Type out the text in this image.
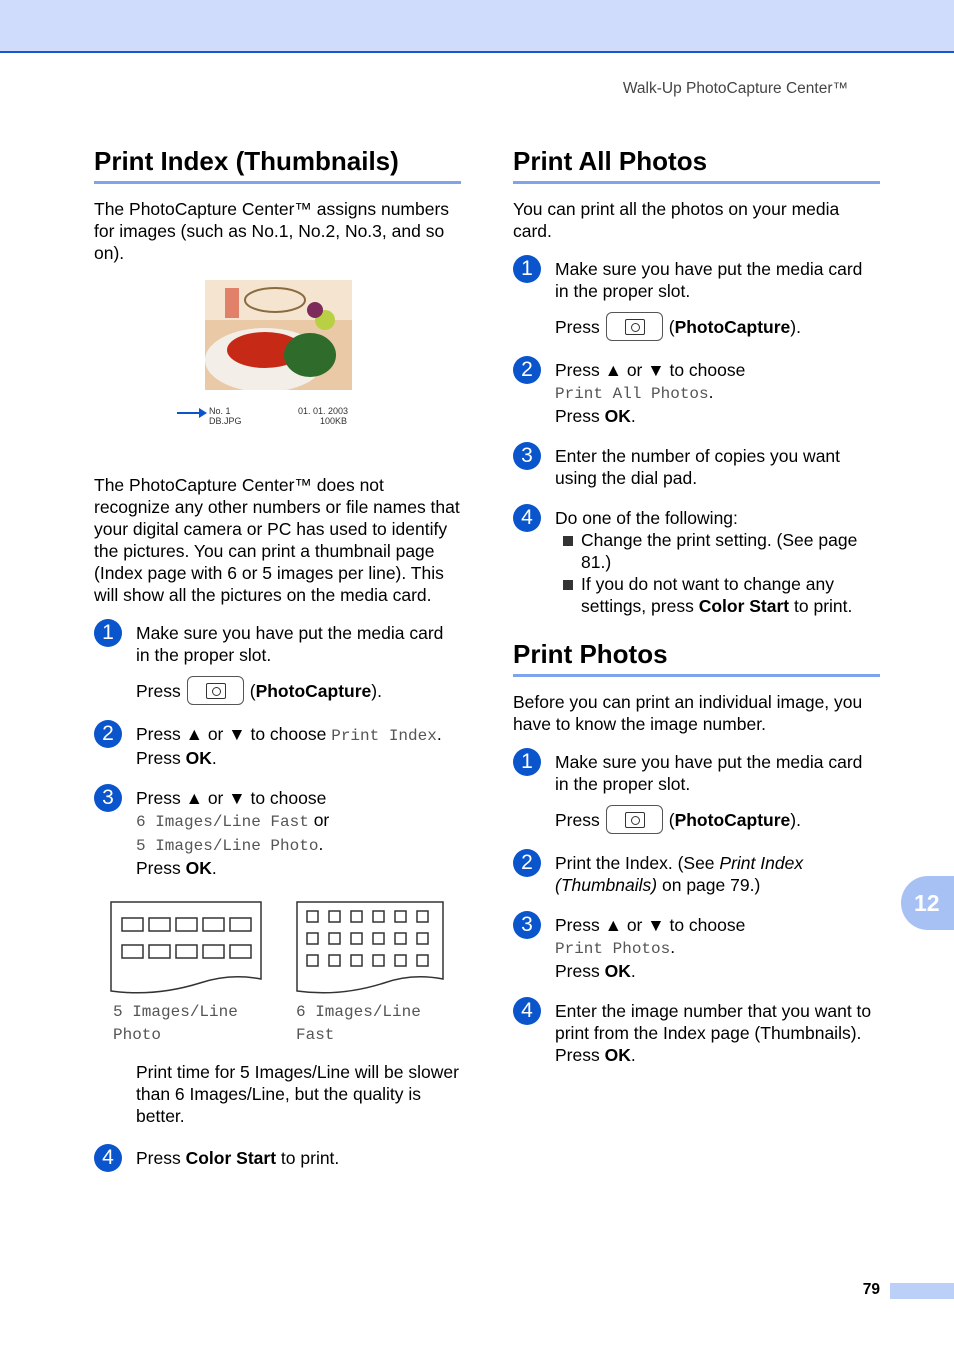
Walk-Up PhotoCapture Center™
12
79
Print Index (Thumbnails)

The PhotoCapture Center™ assigns numbers for images (such as No.1, No.2, No.3, and so on).

No. 1
DB.JPG
01. 01. 2003
100KB

The PhotoCapture Center™ does not recognize any other numbers or file names that your digital camera or PC has used to identify the pictures. You can print a thumbnail page (Index page with 6 or 5 images per line). This will show all the pictures on the media card.

1	Make sure you have put the media card in the proper slot.

Press	(PhotoCapture).
2	Press ▲ or ▼ to choose Print Index.

Press OK.

3	Press ▲ or ▼ to choose

6 Images/Line Fast or

5 Images/Line Photo.

Press OK.

5 Images/Line
Photo
6 Images/Line
Fast

Print time for 5 Images/Line will be slower than 6 Images/Line, but the quality is better.

4	Press Color Start to print.

Print All Photos

You can print all the photos on your media card.

1	Make sure you have put the media card in the proper slot.

Press	(PhotoCapture).
2	Press ▲ or ▼ to choose

Print All Photos.

Press OK.

3	Enter the number of copies you want using the dial pad.

4	Do one of the following:

Change the print setting. (See page 81.)
If you do not want to change any settings, press Color Start to print.
Print Photos

Before you can print an individual image, you have to know the image number.

1	Make sure you have put the media card in the proper slot.

Press	(PhotoCapture).
2	Print the Index. (See Print Index (Thumbnails) on page 79.)

3	Press ▲ or ▼ to choose

Print Photos.

Press OK.

4	Enter the image number that you want to print from the Index page (Thumbnails).

Press OK.
